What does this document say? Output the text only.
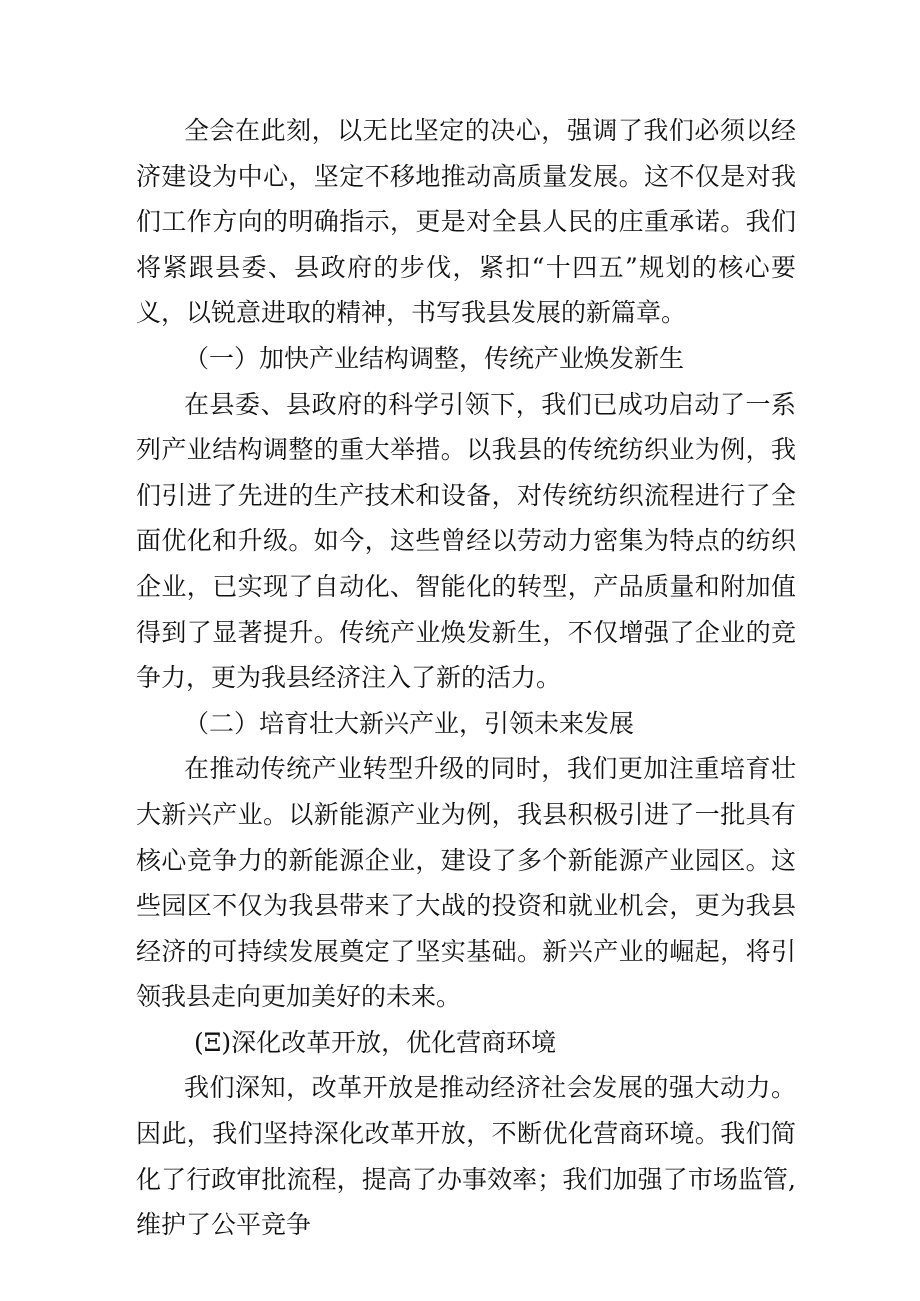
全会在此刻，以无比坚定的决心，强调了我们必须以经济建设为中心，坚定不移地推动高质量发展。这不仅是对我们工作方向的明确指示，更是对全县人民的庄重承诺。我们将紧跟县委、县政府的步伐，紧扣“十四五”规划的核心要义，以锐意进取的精神，书写我县发展的新篇章。

（一）加快产业结构调整，传统产业焕发新生

在县委、县政府的科学引领下，我们已成功启动了一系列产业结构调整的重大举措。以我县的传统纺织业为例，我们引进了先进的生产技术和设备，对传统纺织流程进行了全面优化和升级。如今，这些曾经以劳动力密集为特点的纺织企业，已实现了自动化、智能化的转型，产品质量和附加值得到了显著提升。传统产业焕发新生，不仅增强了企业的竞争力，更为我县经济注入了新的活力。

（二）培育壮大新兴产业，引领未来发展

在推动传统产业转型升级的同时，我们更加注重培育壮大新兴产业。以新能源产业为例，我县积极引进了一批具有核心竞争力的新能源企业，建设了多个新能源产业园区。这些园区不仅为我县带来了大战的投资和就业机会，更为我县经济的可持续发展奠定了坚实基础。新兴产业的崛起，将引领我县走向更加美好的未来。

(Ξ)深化改革开放，优化营商环境

我们深知，改革开放是推动经济社会发展的强大动力。因此，我们坚持深化改革开放，不断优化营商环境。我们简化了行政审批流程，提高了办事效率；我们加强了市场监管,维护了公平竞争
